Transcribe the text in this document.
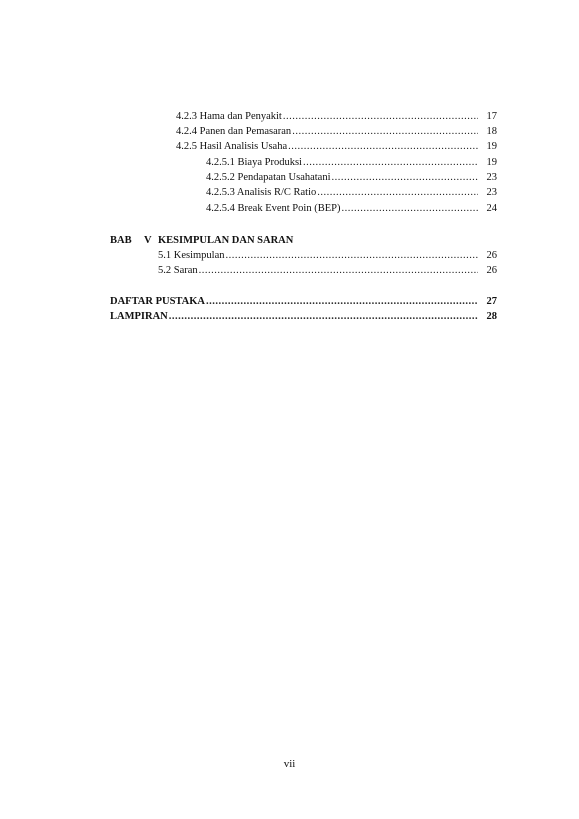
4.2.3 Hama dan Penyakit .....	17
4.2.4 Panen dan Pemasaran .....	18
4.2.5 Hasil Analisis Usaha .....	19
4.2.5.1 Biaya Produksi .....	19
4.2.5.2 Pendapatan Usahatani .....	23
4.2.5.3 Analisis R/C Ratio .....	23
4.2.5.4 Break Event Poin (BEP) .....	24
BAB V KESIMPULAN DAN SARAN
5.1 Kesimpulan .....	26
5.2 Saran .....	26
DAFTAR PUSTAKA .....	27
LAMPIRAN .....	28
vii
